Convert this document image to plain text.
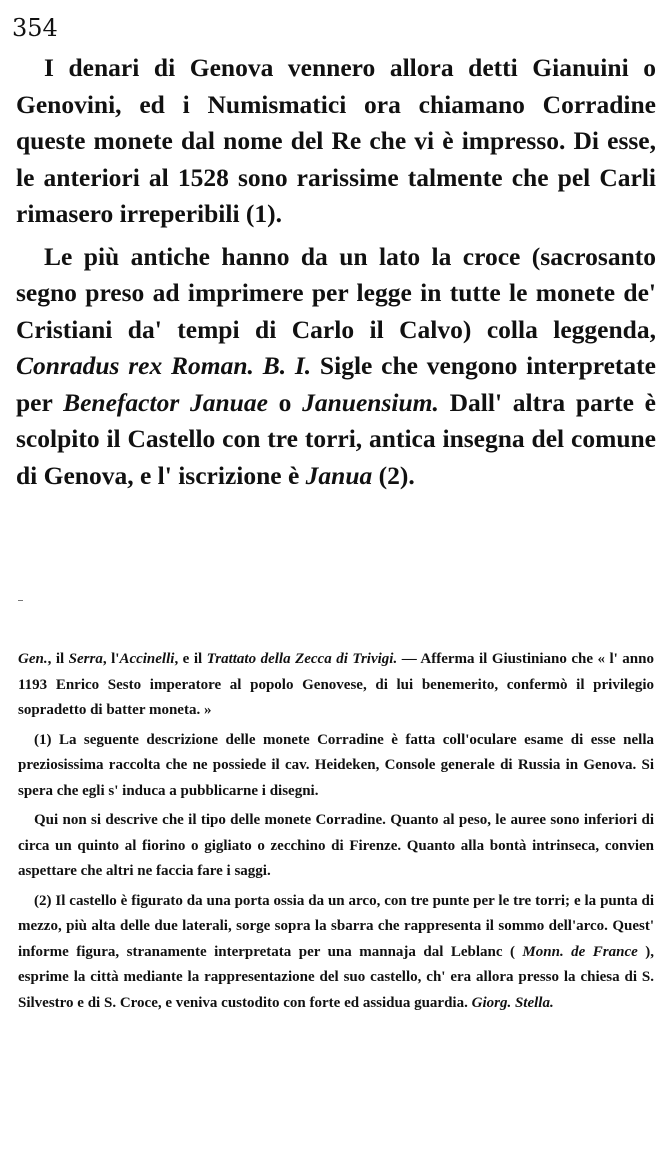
354

I denari di Genova vennero allora detti Gianuini o Genovini, ed i Numismatici ora chiamano Corradine queste monete dal nome del Re che vi è impresso. Di esse, le anteriori al 1528 sono rarissime talmente che pel Carli rimasero irreperibili (1).

Le più antiche hanno da un lato la croce (sacrosanto segno preso ad imprimere per legge in tutte le monete de' Cristiani da' tempi di Carlo il Calvo) colla leggenda, Conradus rex Roman. B. I. Sigle che vengono interpretate per Benefactor Januae o Januensium. Dall' altra parte è scolpito il Castello con tre torri, antica insegna del comune di Genova, e l' iscrizione è Janua (2).

Gen., il Serra, l'Accinelli, e il Trattato della Zecca di Trivigi. — Afferma il Giustiniano che « l' anno 1193 Enrico Sesto imperatore al popolo Genovese, di lui benemerito, confermò il privilegio sopradetto di batter moneta. »

(1) La seguente descrizione delle monete Corradine è fatta coll'oculare esame di esse nella preziosissima raccolta che ne possiede il cav. Heideken, Console generale di Russia in Genova. Si spera che egli s' induca a pubblicarne i disegni.

Qui non si descrive che il tipo delle monete Corradine. Quanto al peso, le auree sono inferiori di circa un quinto al fiorino o gigliato o zecchino di Firenze. Quanto alla bontà intrinseca, convien aspettare che altri ne faccia fare i saggi.

(2) Il castello è figurato da una porta ossia da un arco, con tre punte per le tre torri; e la punta di mezzo, più alta delle due laterali, sorge sopra la sbarra che rappresenta il sommo dell'arco. Quest' informe figura, stranamente interpretata per una mannaja dal Leblanc ( Monn. de France ), esprime la città mediante la rappresentazione del suo castello, ch' era allora presso la chiesa di S. Silvestro e di S. Croce, e veniva custodito con forte ed assidua guardia. Giorg. Stella.
